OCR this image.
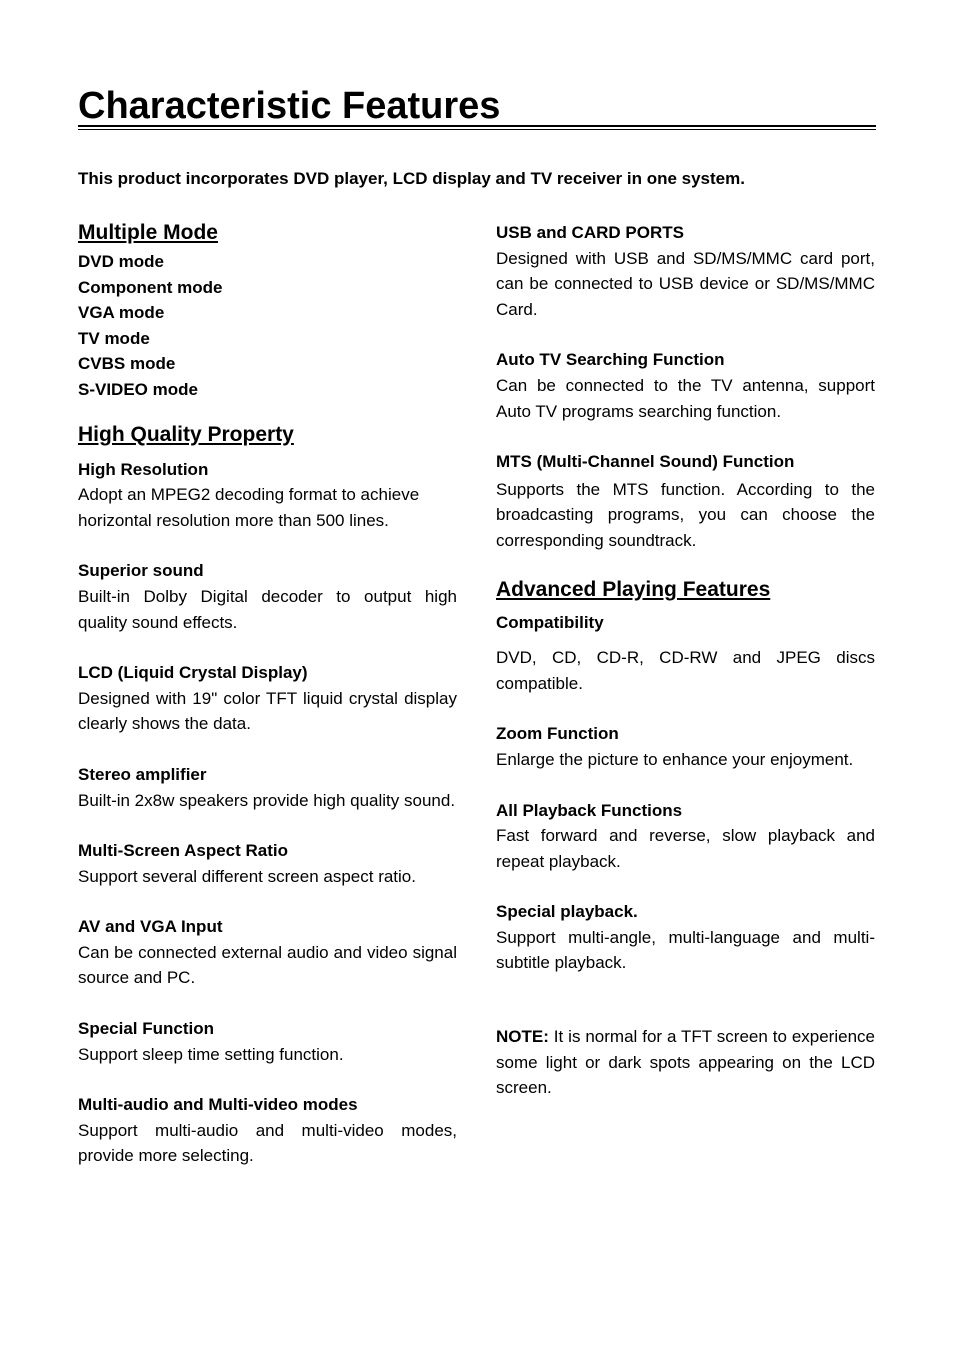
Characteristic Features
This product incorporates DVD player, LCD display and TV receiver in one system.
Multiple Mode
DVD mode
Component mode
VGA mode
TV mode
CVBS mode
S-VIDEO mode
High Quality Property
High Resolution
Adopt an MPEG2 decoding format to achieve horizontal resolution more than 500 lines.
Superior sound
Built-in Dolby Digital decoder to output high quality sound effects.
LCD (Liquid Crystal Display)
Designed with 19" color TFT liquid crystal display clearly shows the data.
Stereo amplifier
Built-in 2x8w speakers provide high quality sound.
Multi-Screen Aspect Ratio
Support several different screen aspect ratio.
AV and VGA Input
Can be connected external audio and video signal source and PC.
Special Function
Support sleep time setting function.
Multi-audio and Multi-video modes
Support multi-audio and multi-video modes, provide more selecting.
USB and CARD PORTS
Designed with USB and SD/MS/MMC card port, can be connected to USB device or SD/MS/MMC Card.
Auto TV Searching Function
Can be connected to the TV antenna, support Auto TV programs searching function.
MTS (Multi-Channel Sound) Function
Supports the MTS function. According to the broadcasting programs, you can choose the corresponding soundtrack.
Advanced Playing Features
Compatibility
DVD, CD, CD-R, CD-RW and JPEG discs compatible.
Zoom Function
Enlarge the picture to enhance your enjoyment.
All Playback Functions
Fast forward and reverse, slow playback and repeat playback.
Special playback.
Support multi-angle, multi-language and multi-subtitle playback.
NOTE: It is normal for a TFT screen to experience some light or dark spots appearing on the LCD screen.
